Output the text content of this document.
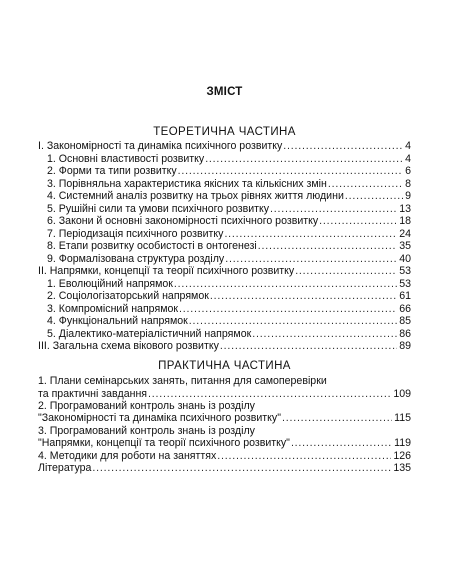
ЗМІСТ
ТЕОРЕТИЧНА ЧАСТИНА
І. Закономірності та динаміка психічного розвитку .....	4
1. Основні властивості розвитку .....	4
2. Форми та типи розвитку .....	6
3. Порівняльна характеристика якісних та кількісних змін .....	8
4. Системний аналіз розвитку на трьох рівнях життя людини .....	9
5. Рушійні сили та умови психічного розвитку .....	13
6. Закони й основні закономірності психічного розвитку .....	18
7. Періодизація психічного розвитку .....	24
8. Етапи розвитку особистості в онтогенезі .....	35
9. Формалізована структура розділу .....	40
ІІ. Напрямки, концепції та теорії психічного розвитку .....	53
1. Еволюційний напрямок .....	53
2. Соціологізаторський напрямок .....	61
3. Компромісний напрямок .....	66
4. Функціональний напрямок .....	85
5. Діалектико-матеріалістичний напрямок .....	86
ІІІ. Загальна схема вікового розвитку .....	89
ПРАКТИЧНА ЧАСТИНА
1. Плани семінарських занять, питання для самоперевірки
та практичні завдання .....	109
2. Програмований контроль знань із розділу
"Закономірності та динаміка психічного розвитку" .....	115
3. Програмований контроль знань із розділу
"Напрямки, концепції та теорії психічного розвитку" .....	119
4. Методики для роботи на заняттях .....	126
Література .....	135
